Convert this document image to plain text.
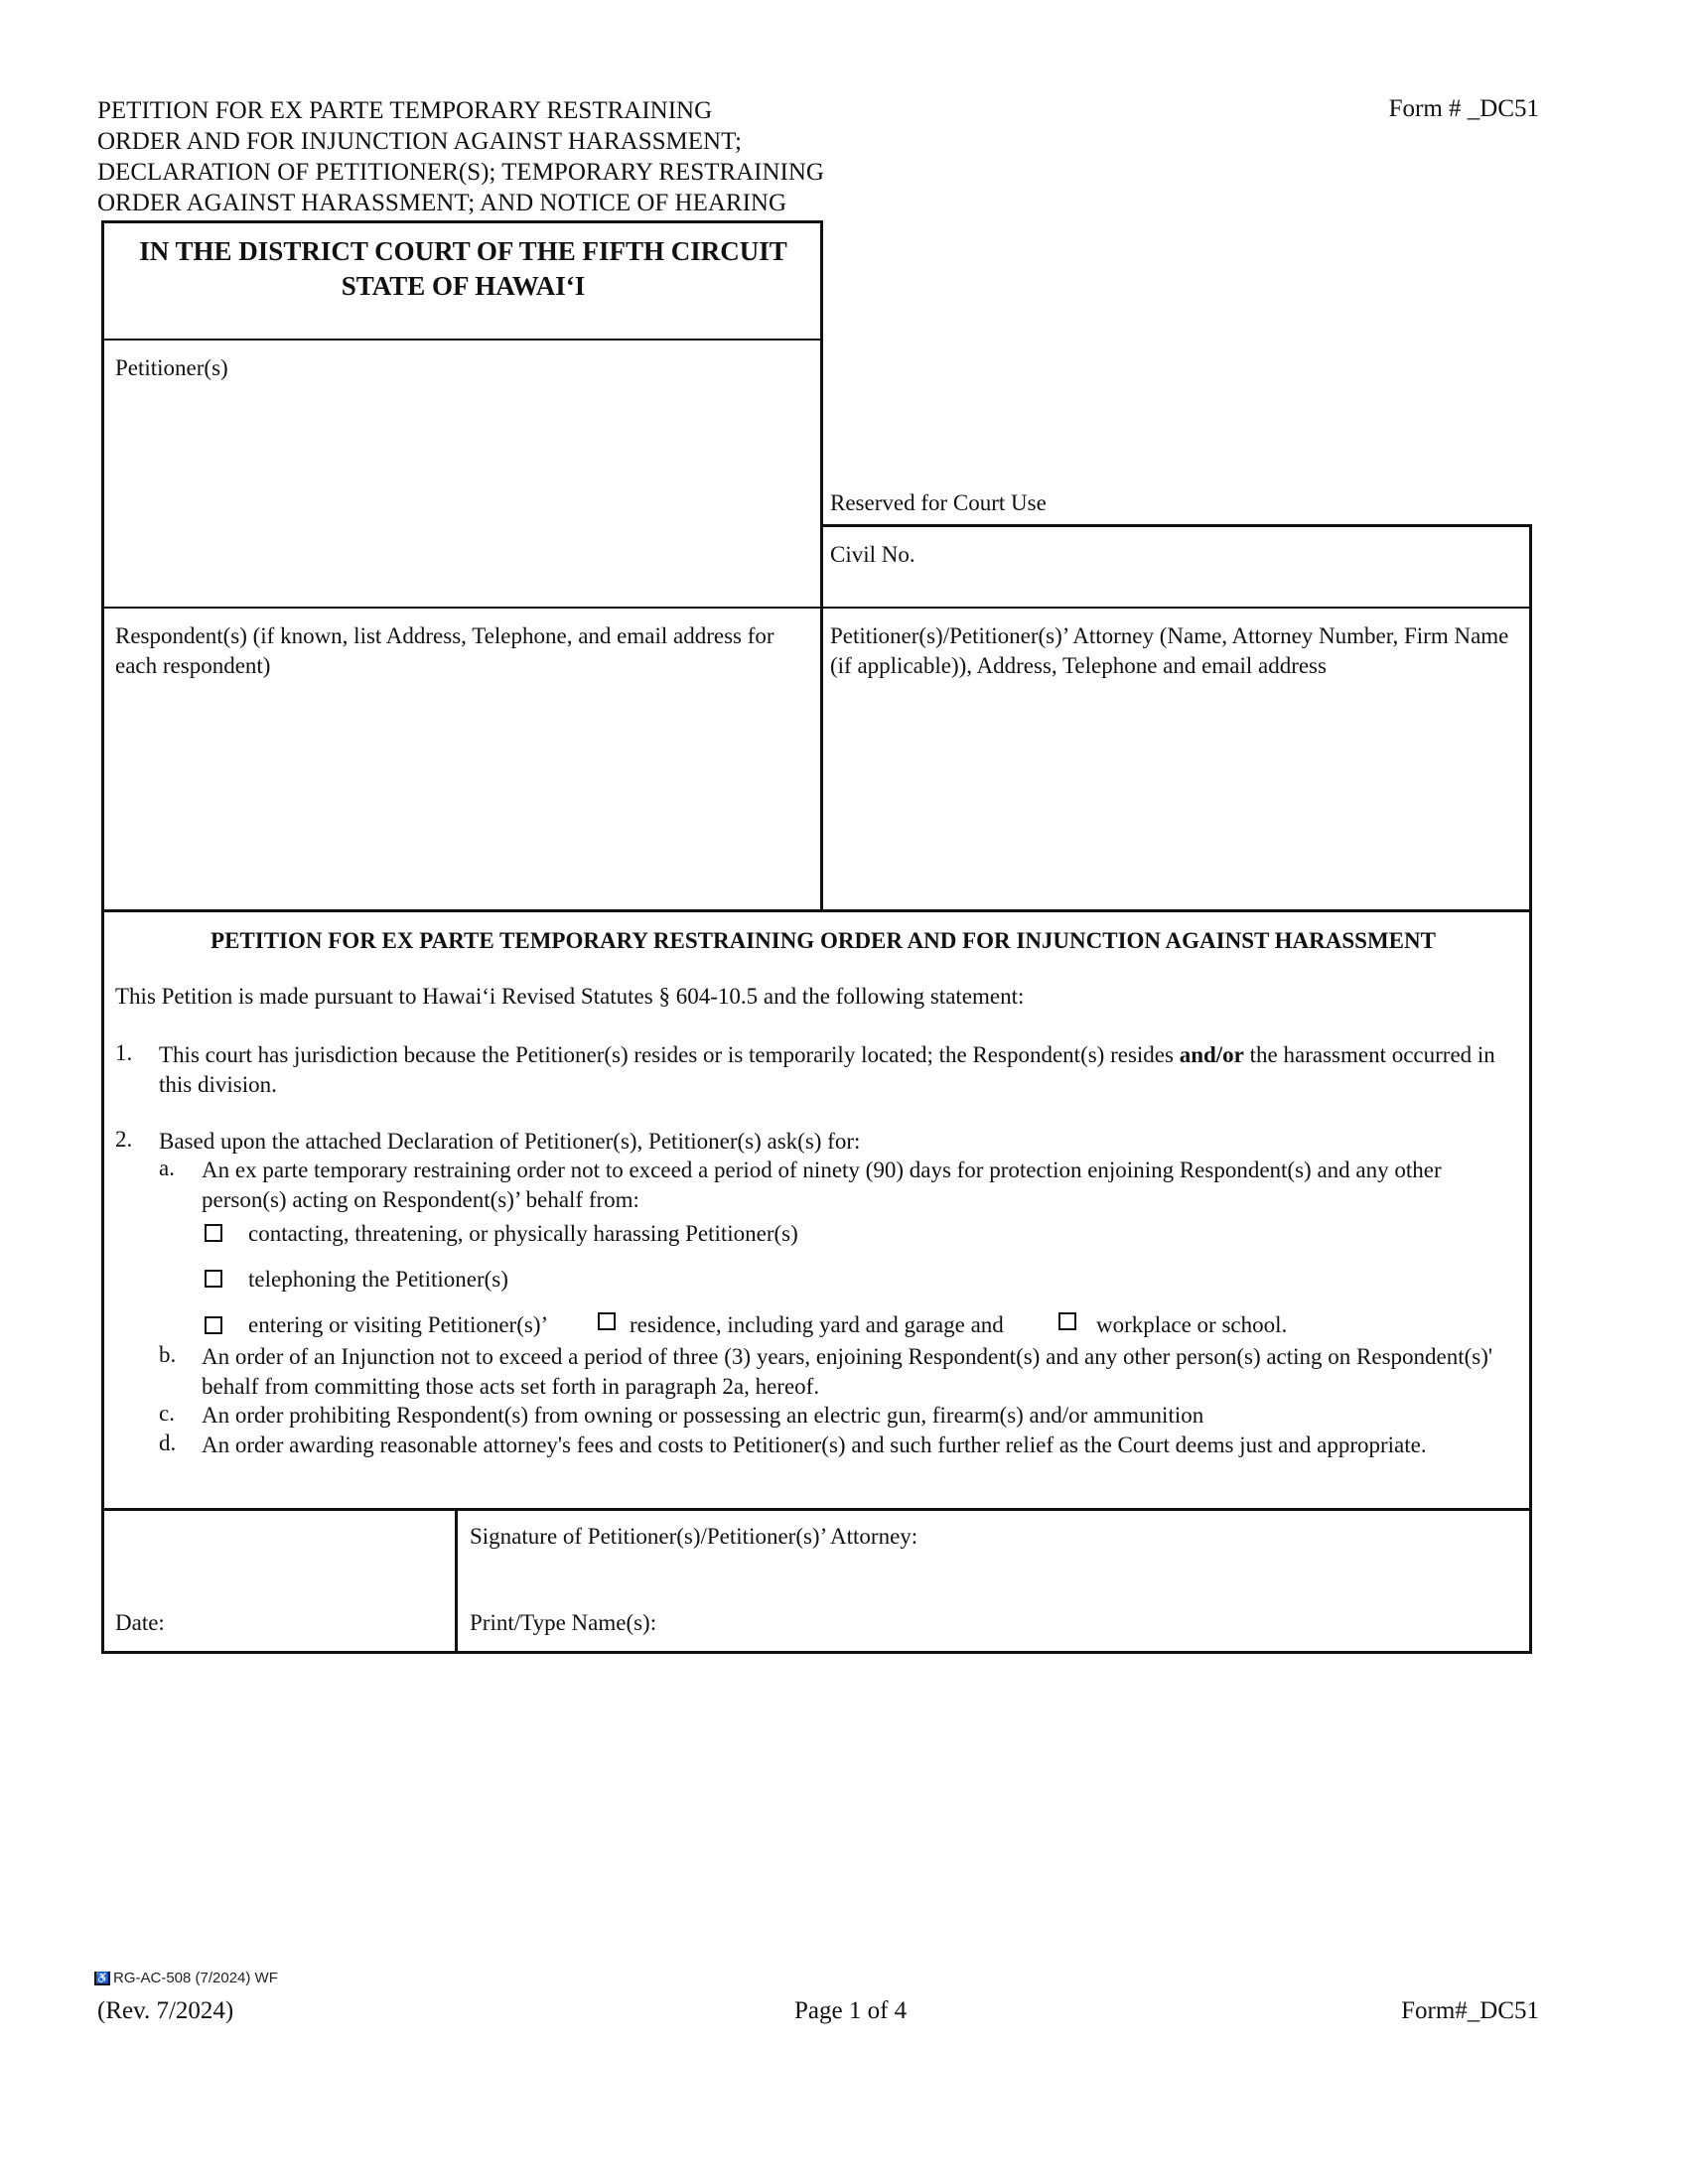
PETITION FOR EX PARTE TEMPORARY RESTRAINING
ORDER AND FOR INJUNCTION AGAINST HARASSMENT;
DECLARATION OF PETITIONER(S); TEMPORARY RESTRAINING
ORDER AGAINST HARASSMENT; AND NOTICE OF HEARING
Form # _DC51
IN THE DISTRICT COURT OF THE FIFTH CIRCUIT
STATE OF HAWAI‘I
Petitioner(s)
Reserved for Court Use
Civil No.
Respondent(s) (if known, list Address, Telephone, and email address for each respondent)
Petitioner(s)/Petitioner(s)’ Attorney (Name, Attorney Number, Firm Name (if applicable)), Address, Telephone and email address
PETITION FOR EX PARTE TEMPORARY RESTRAINING ORDER AND FOR INJUNCTION AGAINST HARASSMENT
This Petition is made pursuant to Hawai‘i Revised Statutes § 604-10.5 and the following statement:
1. This court has jurisdiction because the Petitioner(s) resides or is temporarily located; the Respondent(s) resides and/or the harassment occurred in this division.
2. Based upon the attached Declaration of Petitioner(s), Petitioner(s) ask(s) for:
a. An ex parte temporary restraining order not to exceed a period of ninety (90) days for protection enjoining Respondent(s) and any other person(s) acting on Respondent(s)’ behalf from:
contacting, threatening, or physically harassing Petitioner(s)
telephoning the Petitioner(s)
entering or visiting Petitioner(s)’	residence, including yard and garage and	workplace or school.
b. An order of an Injunction not to exceed a period of three (3) years, enjoining Respondent(s) and any other person(s) acting on Respondent(s)' behalf from committing those acts set forth in paragraph 2a, hereof.
c. An order prohibiting Respondent(s) from owning or possessing an electric gun, firearm(s) and/or ammunition
d. An order awarding reasonable attorney's fees and costs to Petitioner(s) and such further relief as the Court deems just and appropriate.
Date:
Signature of Petitioner(s)/Petitioner(s)’ Attorney:
Print/Type Name(s):
♿ RG-AC-508 (7/2024) WF
(Rev. 7/2024)	Page 1 of 4	Form#_DC51
